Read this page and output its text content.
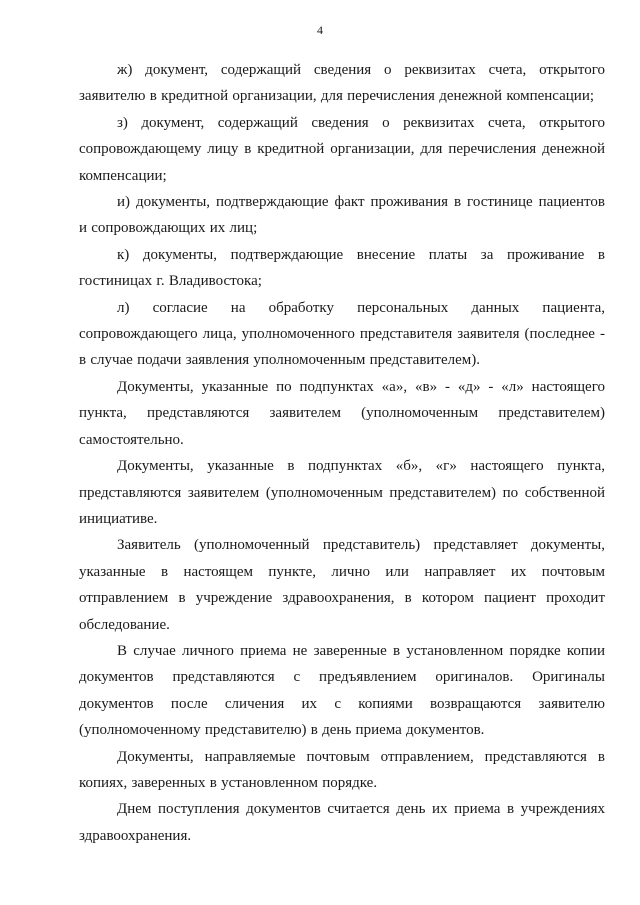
4

ж) документ, содержащий сведения о реквизитах счета, открытого заявителю в кредитной организации, для перечисления денежной компенсации;

з) документ, содержащий сведения о реквизитах счета, открытого сопровождающему лицу в кредитной организации, для перечисления денежной компенсации;

и) документы, подтверждающие факт проживания в гостинице пациентов и сопровождающих их лиц;

к) документы, подтверждающие внесение платы за проживание в гостиницах г. Владивостока;

л) согласие на обработку персональных данных пациента, сопровождающего лица, уполномоченного представителя заявителя (последнее - в случае подачи заявления уполномоченным представителем).

Документы, указанные по подпунктах «а», «в» - «д» - «л» настоящего пункта, представляются заявителем (уполномоченным представителем) самостоятельно.

Документы, указанные в подпунктах «б», «г» настоящего пункта, представляются заявителем (уполномоченным представителем) по собственной инициативе.

Заявитель (уполномоченный представитель) представляет документы, указанные в настоящем пункте, лично или направляет их почтовым отправлением в учреждение здравоохранения, в котором пациент проходит обследование.

В случае личного приема не заверенные в установленном порядке копии документов представляются с предъявлением оригиналов. Оригиналы документов после сличения их с копиями возвращаются заявителю (уполномоченному представителю) в день приема документов.

Документы, направляемые почтовым отправлением, представляются в копиях, заверенных в установленном порядке.

Днем поступления документов считается день их приема в учреждениях здравоохранения.
